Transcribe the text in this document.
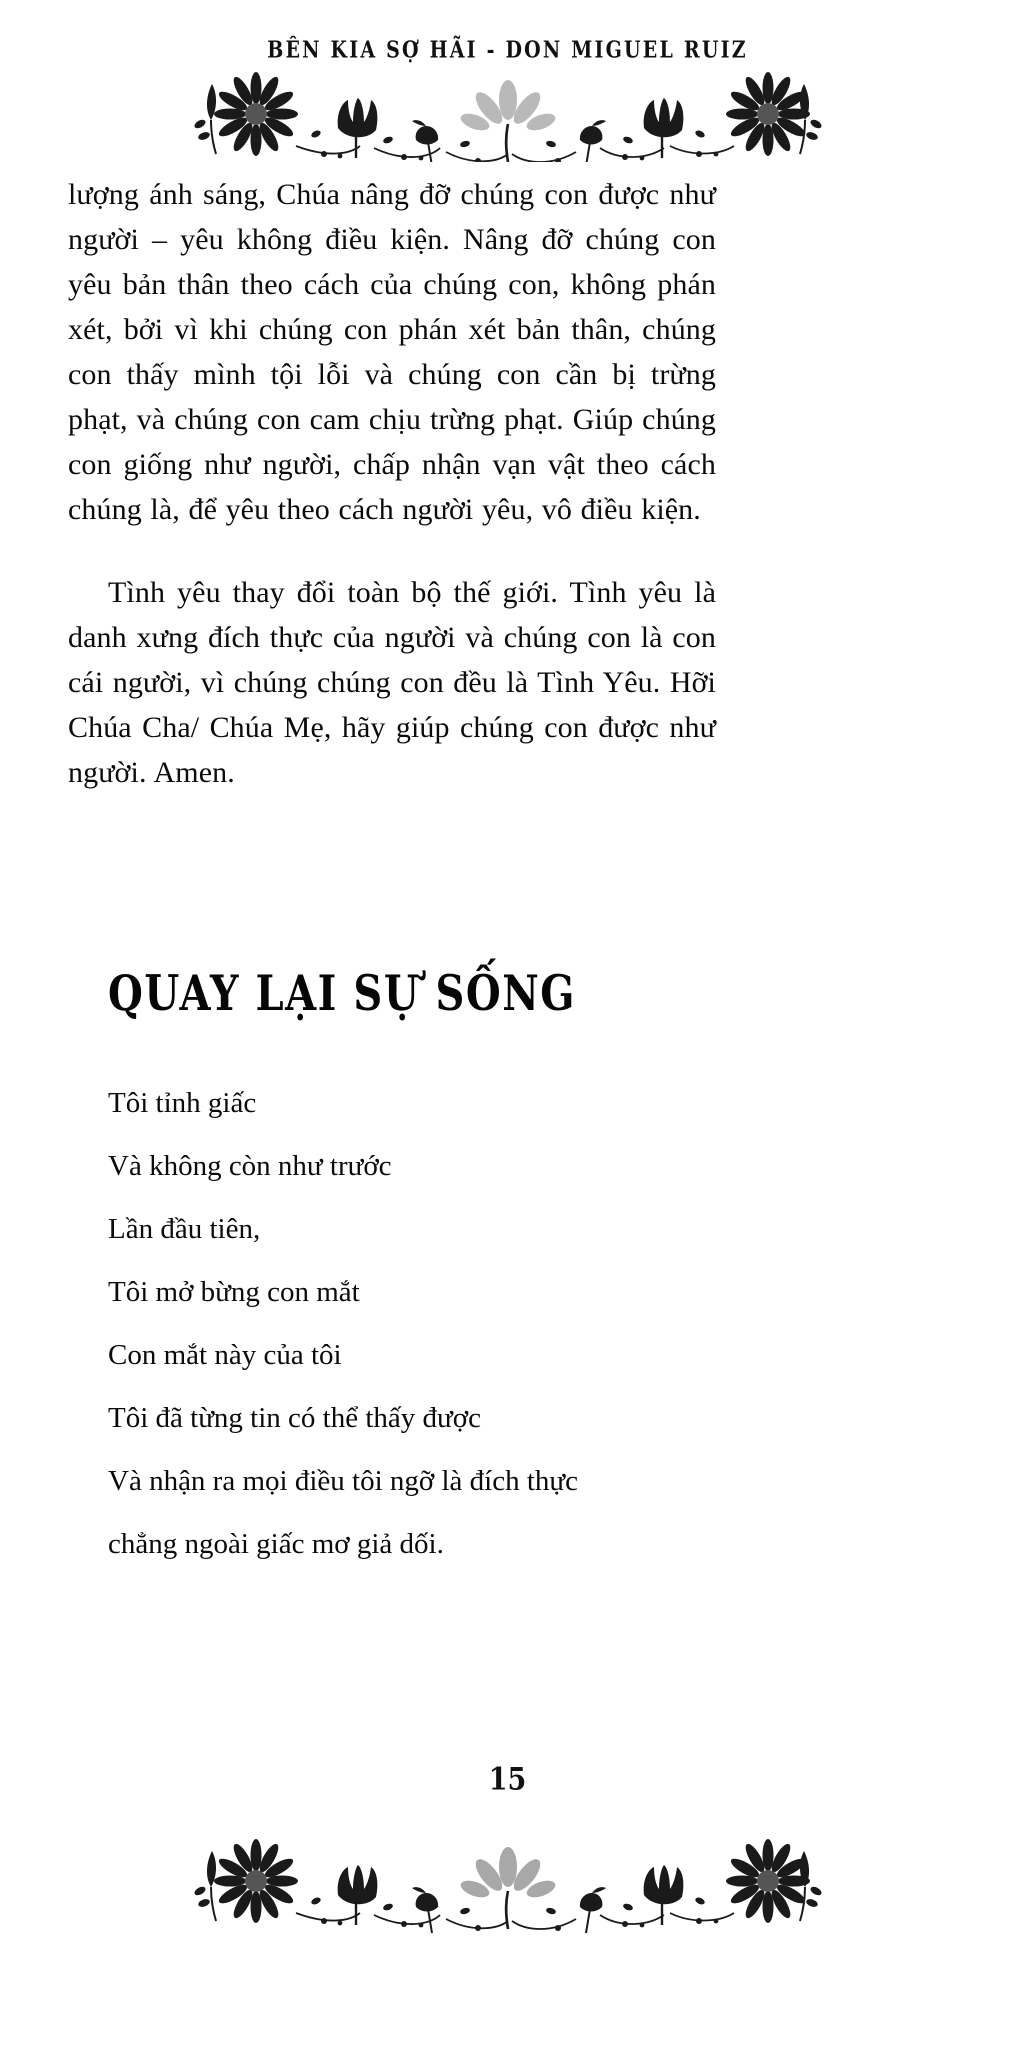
BÊN KIA SỢ HÃI - DON MIGUEL RUIZ

lượng ánh sáng, Chúa nâng đỡ chúng con được như người – yêu không điều kiện. Nâng đỡ chúng con yêu bản thân theo cách của chúng con, không phán xét, bởi vì khi chúng con phán xét bản thân, chúng con thấy mình tội lỗi và chúng con cần bị trừng phạt, và chúng con cam chịu trừng phạt. Giúp chúng con giống như người, chấp nhận vạn vật theo cách chúng là, để yêu theo cách người yêu, vô điều kiện.

Tình yêu thay đổi toàn bộ thế giới. Tình yêu là danh xưng đích thực của người và chúng con là con cái người, vì chúng chúng con đều là Tình Yêu. Hỡi Chúa Cha/ Chúa Mẹ, hãy giúp chúng con được như người. Amen.

QUAY LẠI SỰ SỐNG
Tôi tỉnh giấc
Và không còn như trước
Lần đầu tiên,
Tôi mở bừng con mắt
Con mắt này của tôi
Tôi đã từng tin có thể thấy được
Và nhận ra mọi điều tôi ngỡ là đích thực
chẳng ngoài giấc mơ giả dối.
15
